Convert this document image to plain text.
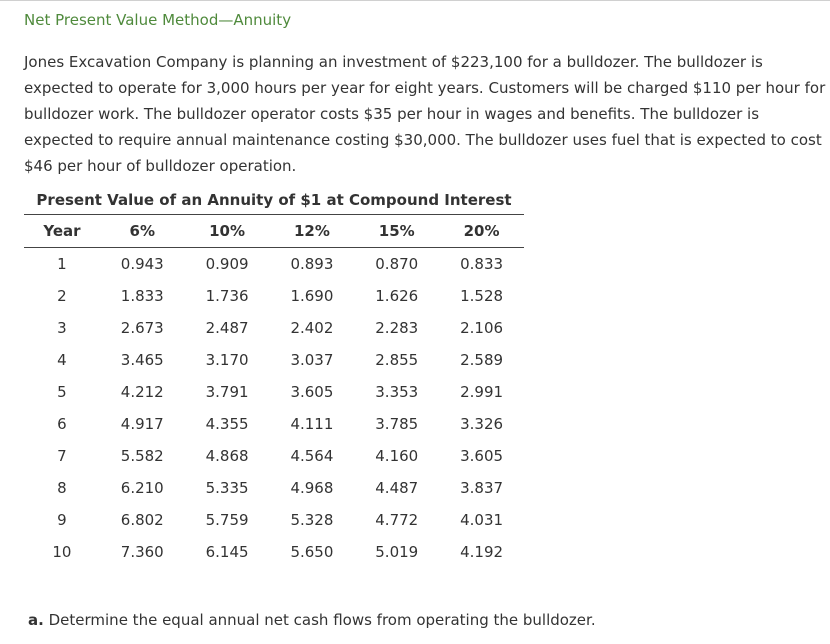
Net Present Value Method—Annuity

Jones Excavation Company is planning an investment of $223,100 for a bulldozer. The bulldozer is expected to operate for 3,000 hours per year for eight years. Customers will be charged $110 per hour for bulldozer work. The bulldozer operator costs $35 per hour in wages and benefits. The bulldozer is expected to require annual maintenance costing $30,000. The bulldozer uses fuel that is expected to cost $46 per hour of bulldozer operation.

Present Value of an Annuity of $1 at Compound Interest
Year	6%	10%	12%	15%	20%
1	0.943	0.909	0.893	0.870	0.833
2	1.833	1.736	1.690	1.626	1.528
3	2.673	2.487	2.402	2.283	2.106
4	3.465	3.170	3.037	2.855	2.589
5	4.212	3.791	3.605	3.353	2.991
6	4.917	4.355	4.111	3.785	3.326
7	5.582	4.868	4.564	4.160	3.605
8	6.210	5.335	4.968	4.487	3.837
9	6.802	5.759	5.328	4.772	4.031
10	7.360	6.145	5.650	5.019	4.192
a. Determine the equal annual net cash flows from operating the bulldozer.
